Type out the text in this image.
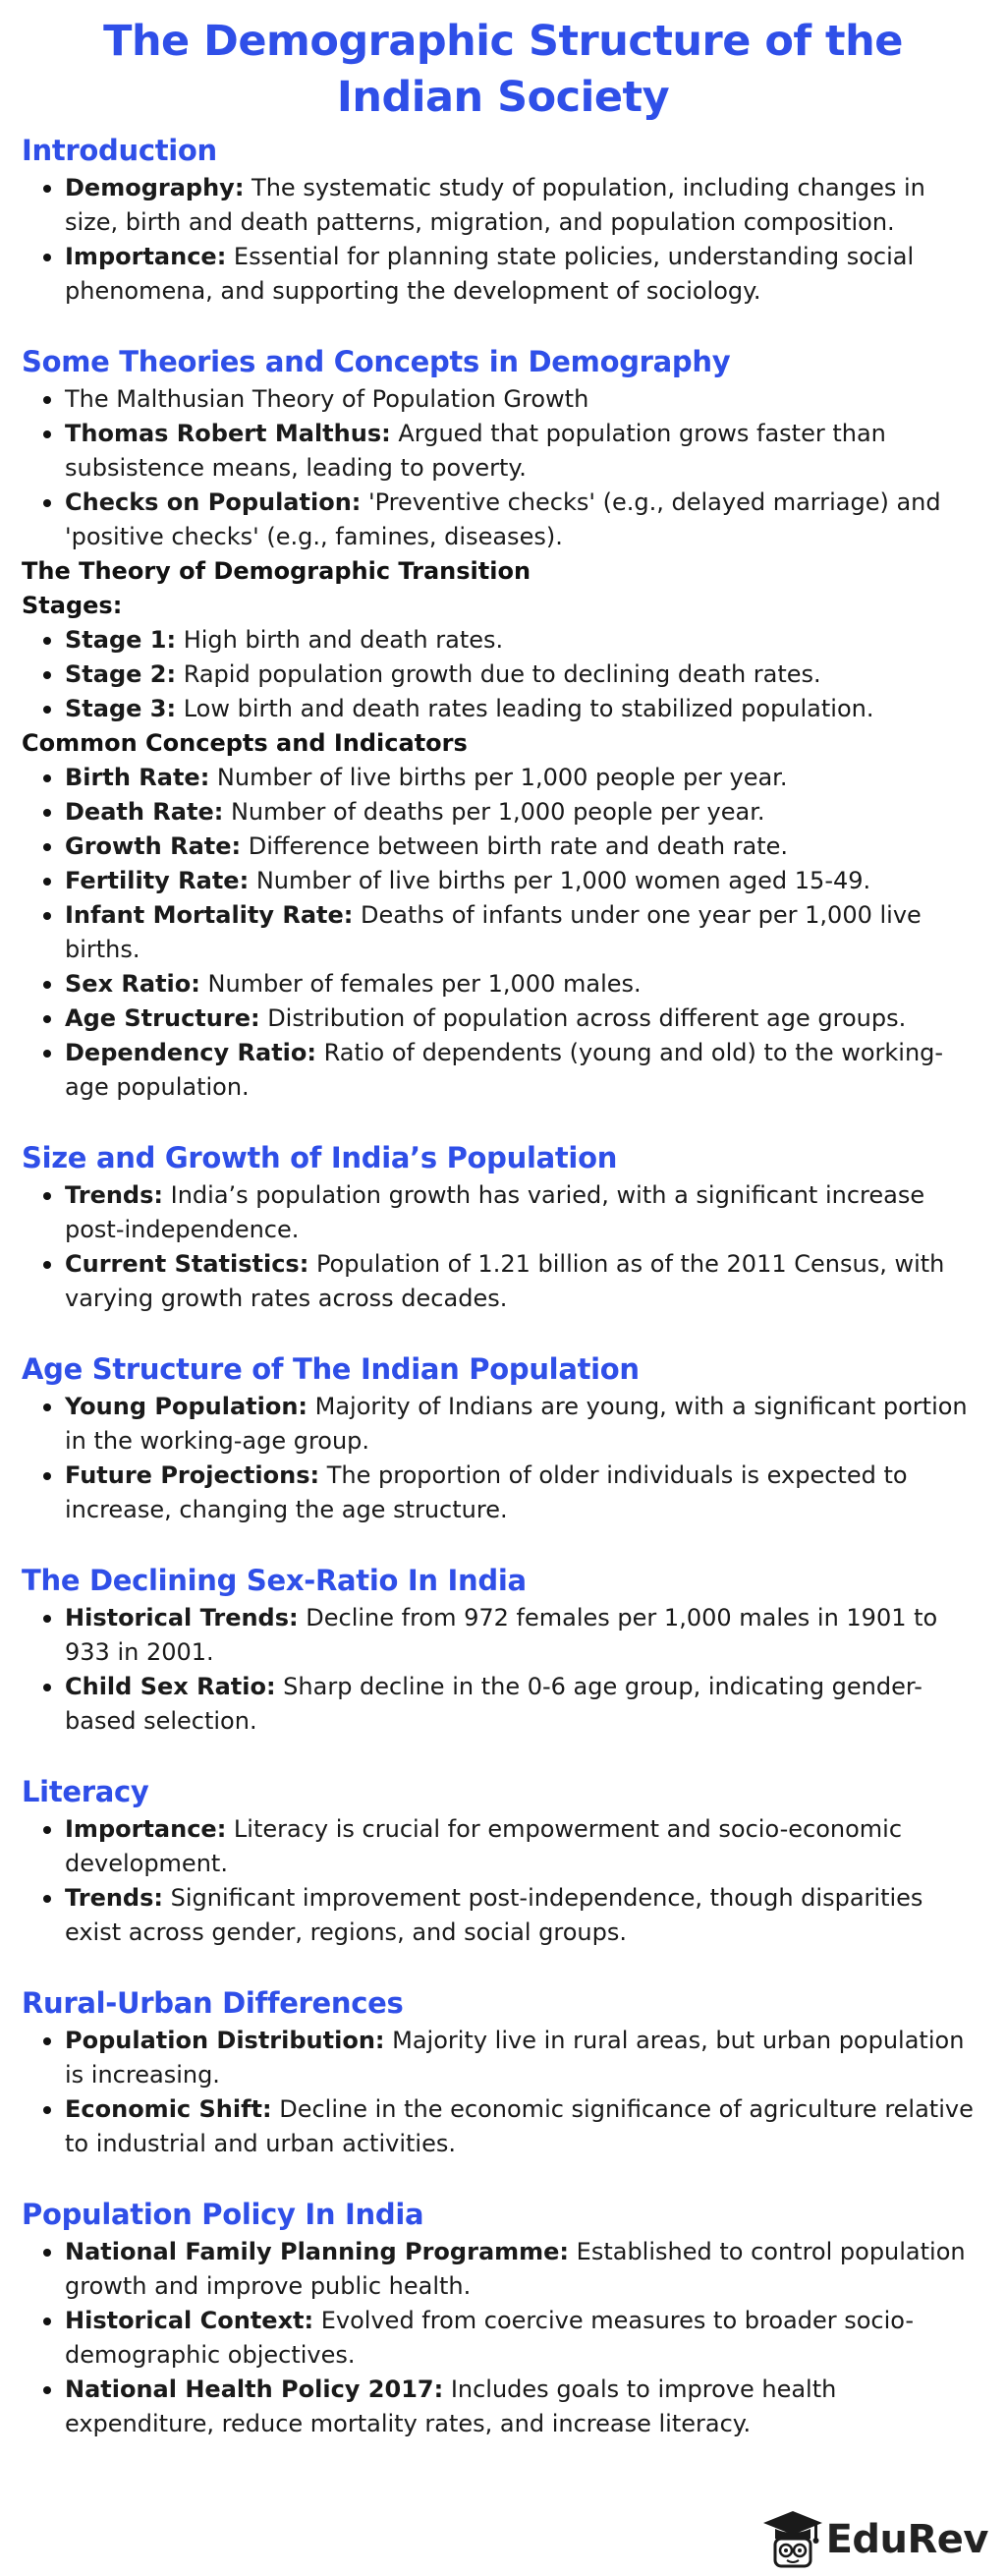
The Demographic Structure of the Indian Society
Introduction
Demography: The systematic study of population, including changes in size, birth and death patterns, migration, and population composition.
Importance: Essential for planning state policies, understanding social phenomena, and supporting the development of sociology.
Some Theories and Concepts in Demography
The Malthusian Theory of Population Growth
Thomas Robert Malthus: Argued that population grows faster than subsistence means, leading to poverty.
Checks on Population: 'Preventive checks' (e.g., delayed marriage) and 'positive checks' (e.g., famines, diseases).
The Theory of Demographic Transition
Stages:
Stage 1: High birth and death rates.
Stage 2: Rapid population growth due to declining death rates.
Stage 3: Low birth and death rates leading to stabilized population.
Common Concepts and Indicators
Birth Rate: Number of live births per 1,000 people per year.
Death Rate: Number of deaths per 1,000 people per year.
Growth Rate: Difference between birth rate and death rate.
Fertility Rate: Number of live births per 1,000 women aged 15-49.
Infant Mortality Rate: Deaths of infants under one year per 1,000 live births.
Sex Ratio: Number of females per 1,000 males.
Age Structure: Distribution of population across different age groups.
Dependency Ratio: Ratio of dependents (young and old) to the working-age population.
Size and Growth of India’s Population
Trends: India’s population growth has varied, with a significant increase post-independence.
Current Statistics: Population of 1.21 billion as of the 2011 Census, with varying growth rates across decades.
Age Structure of The Indian Population
Young Population: Majority of Indians are young, with a significant portion in the working-age group.
Future Projections: The proportion of older individuals is expected to increase, changing the age structure.
The Declining Sex-Ratio In India
Historical Trends: Decline from 972 females per 1,000 males in 1901 to 933 in 2001.
Child Sex Ratio: Sharp decline in the 0-6 age group, indicating gender-based selection.
Literacy
Importance: Literacy is crucial for empowerment and socio-economic development.
Trends: Significant improvement post-independence, though disparities exist across gender, regions, and social groups.
Rural-Urban Differences
Population Distribution: Majority live in rural areas, but urban population is increasing.
Economic Shift: Decline in the economic significance of agriculture relative to industrial and urban activities.
Population Policy In India
National Family Planning Programme: Established to control population growth and improve public health.
Historical Context: Evolved from coercive measures to broader socio-demographic objectives.
National Health Policy 2017: Includes goals to improve health expenditure, reduce mortality rates, and increase literacy.
EduRev
